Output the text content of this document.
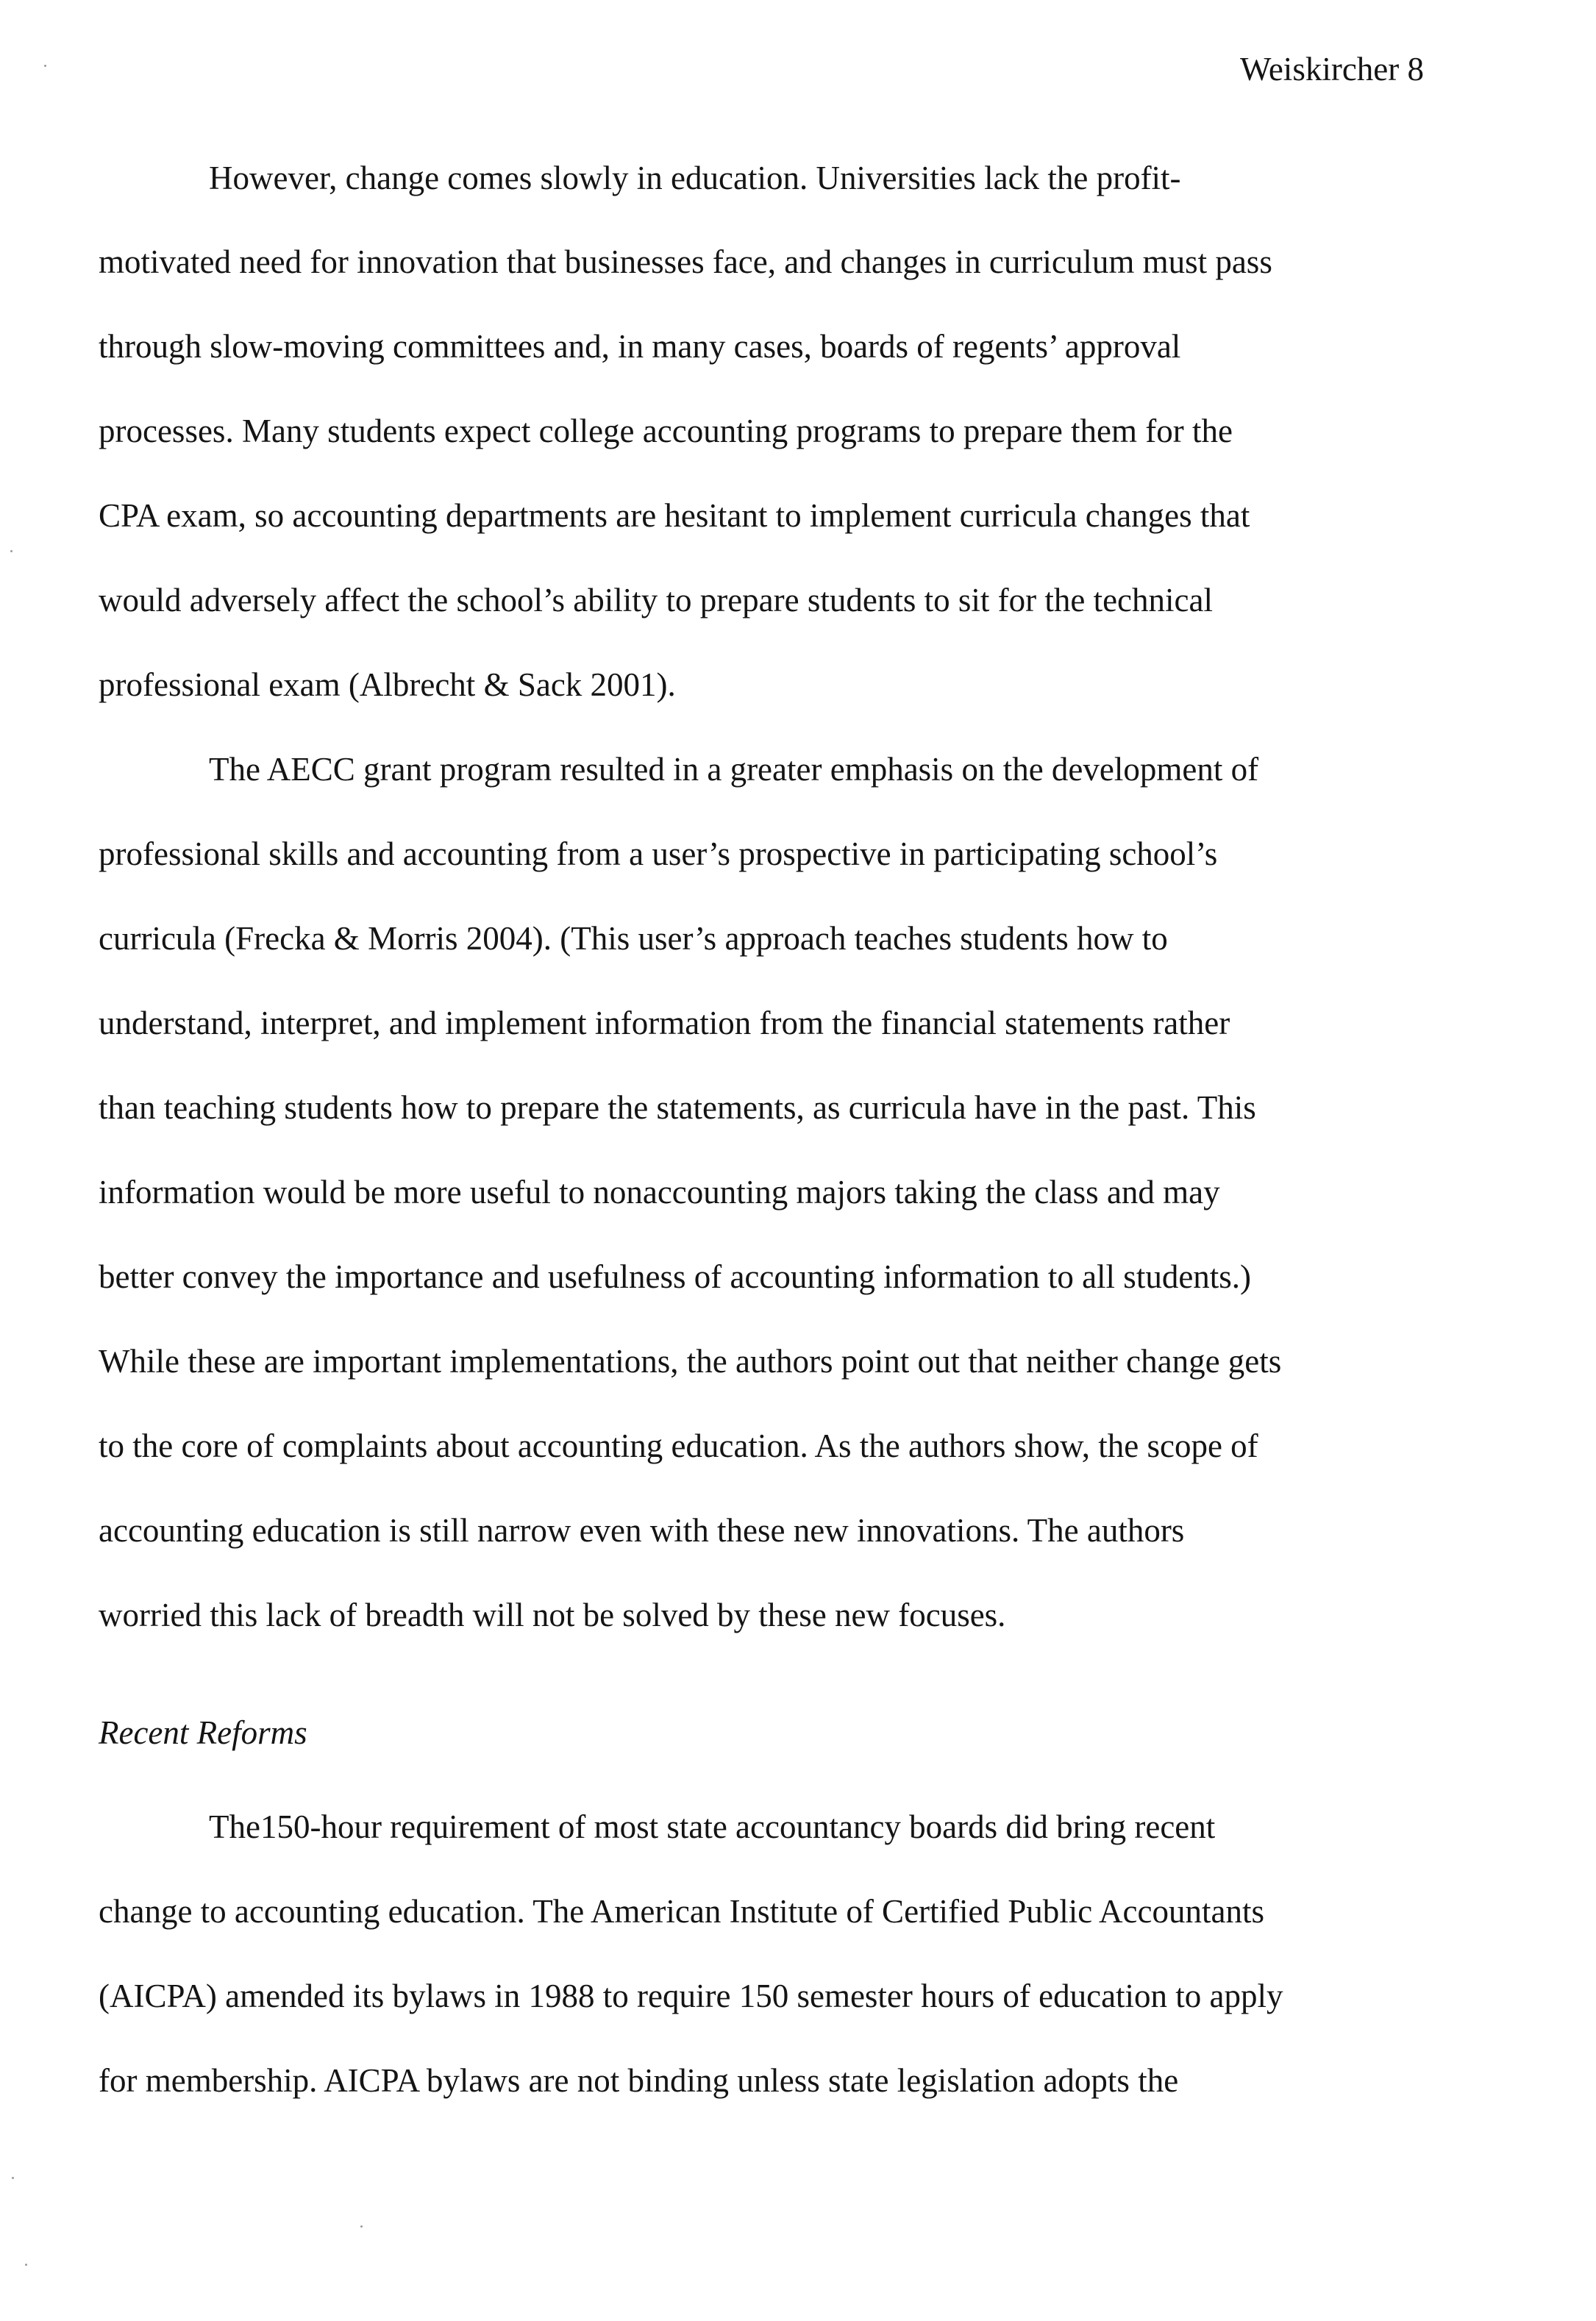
Weiskircher 8
However, change comes slowly in education. Universities lack the profit-
motivated need for innovation that businesses face, and changes in curriculum must pass
through slow-moving committees and, in many cases, boards of regents’ approval
processes. Many students expect college accounting programs to prepare them for the
CPA exam, so accounting departments are hesitant to implement curricula changes that
would adversely affect the school’s ability to prepare students to sit for the technical
professional exam (Albrecht & Sack 2001).
The AECC grant program resulted in a greater emphasis on the development of
professional skills and accounting from a user’s prospective in participating school’s
curricula (Frecka & Morris 2004). (This user’s approach teaches students how to
understand, interpret, and implement information from the financial statements rather
than teaching students how to prepare the statements, as curricula have in the past. This
information would be more useful to nonaccounting majors taking the class and may
better convey the importance and usefulness of accounting information to all students.)
While these are important implementations, the authors point out that neither change gets
to the core of complaints about accounting education. As the authors show, the scope of
accounting education is still narrow even with these new innovations. The authors
worried this lack of breadth will not be solved by these new focuses.
Recent Reforms
The150-hour requirement of most state accountancy boards did bring recent
change to accounting education. The American Institute of Certified Public Accountants
(AICPA) amended its bylaws in 1988 to require 150 semester hours of education to apply
for membership. AICPA bylaws are not binding unless state legislation adopts the
